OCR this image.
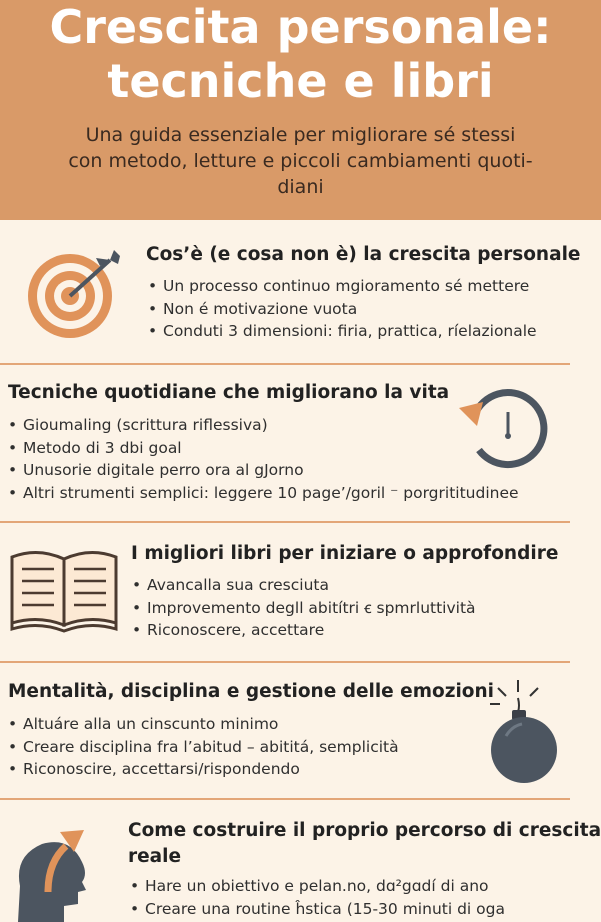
Crescita personale:
tecniche e libri
Una guida essenziale per migliorare sé stessi
con metodo, letture e piccoli cambiamenti quoti-
diani
Cos’è (e cosa non è) la crescita personale
• Un processo continuo mgioramento sé mettere
• Non é motivazione vuota
• Conduti 3 dimensioni: firia, prattica, ríelazionale
Tecniche quotidiane che migliorano la vita
• Gioumaling (scrittura riflessiva)
• Metodo di 3 dbi goal
• Unusorie digitale perro ora al gJorno
• Altri strumenti semplici: leggere 10 page’/goril ⁻ porgrititudinee
I migliori libri per iniziare o approfondire
• Avancalla sua cresciuta
• Improvemento degll abitítri ꞓ spmrluttività
• Riconoscere, accettare
Mentalità, disciplina e gestione delle emozioni
• Altuáre alla un cinscunto minimo
• Creare disciplina fra l’abitud – abititá, semplicità
• Riconoscire, accettarsi/rispondendo
Come costruire il proprio percorso di crescita
reale
• Hare un obiettivo e pelan.no, dɑ²gɑdí di ano
• Creare una routine ĥstica (15-30 minuti di oga
